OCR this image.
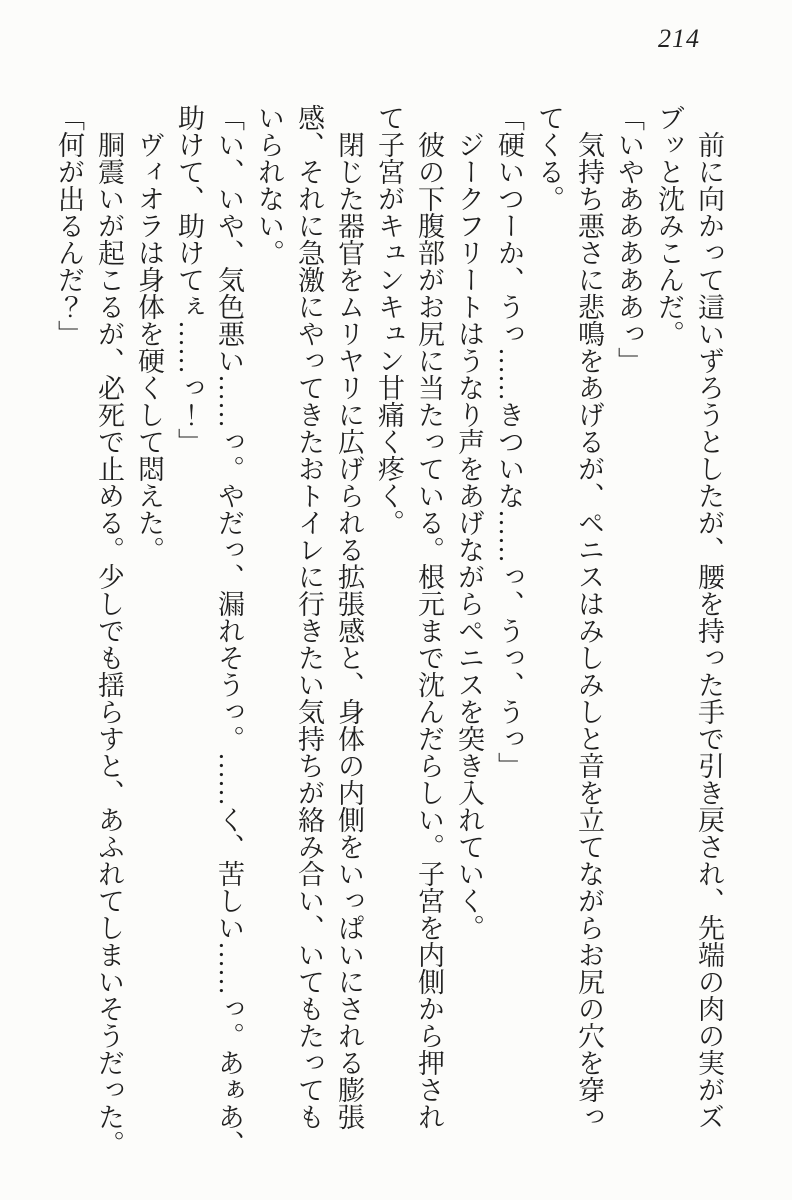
214

　前に向かって這いずろうとしたが、腰を持った手で引き戻され、先端の肉の実がズブッと沈みこんだ。

「いやあああああっ」

　気持ち悪さに悲鳴をあげるが、ペニスはみしみしと音を立てながらお尻の穴を穿ってくる。

「硬いつーか、うっ……きついな……っ、うっ、うっ」

　ジークフリートはうなり声をあげながらペニスを突き入れていく。

　彼の下腹部がお尻に当たっている。根元まで沈んだらしい。子宮を内側から押されて子宮がキュンキュン甘痛く疼く。

　閉じた器官をムリヤリに広げられる拡張感と、身体の内側をいっぱいにされる膨張感、それに急激にやってきたおトイレに行きたい気持ちが絡み合い、いてもたってもいられない。

「い、いや、気色悪い……っ。やだっ、漏れそうっ。……く、苦しい……っ。あぁあ、助けて、助けてぇ……っ！」

　ヴィオラは身体を硬くして悶えた。

　胴震いが起こるが、必死で止める。少しでも揺らすと、あふれてしまいそうだった。

「何が出るんだ？」
